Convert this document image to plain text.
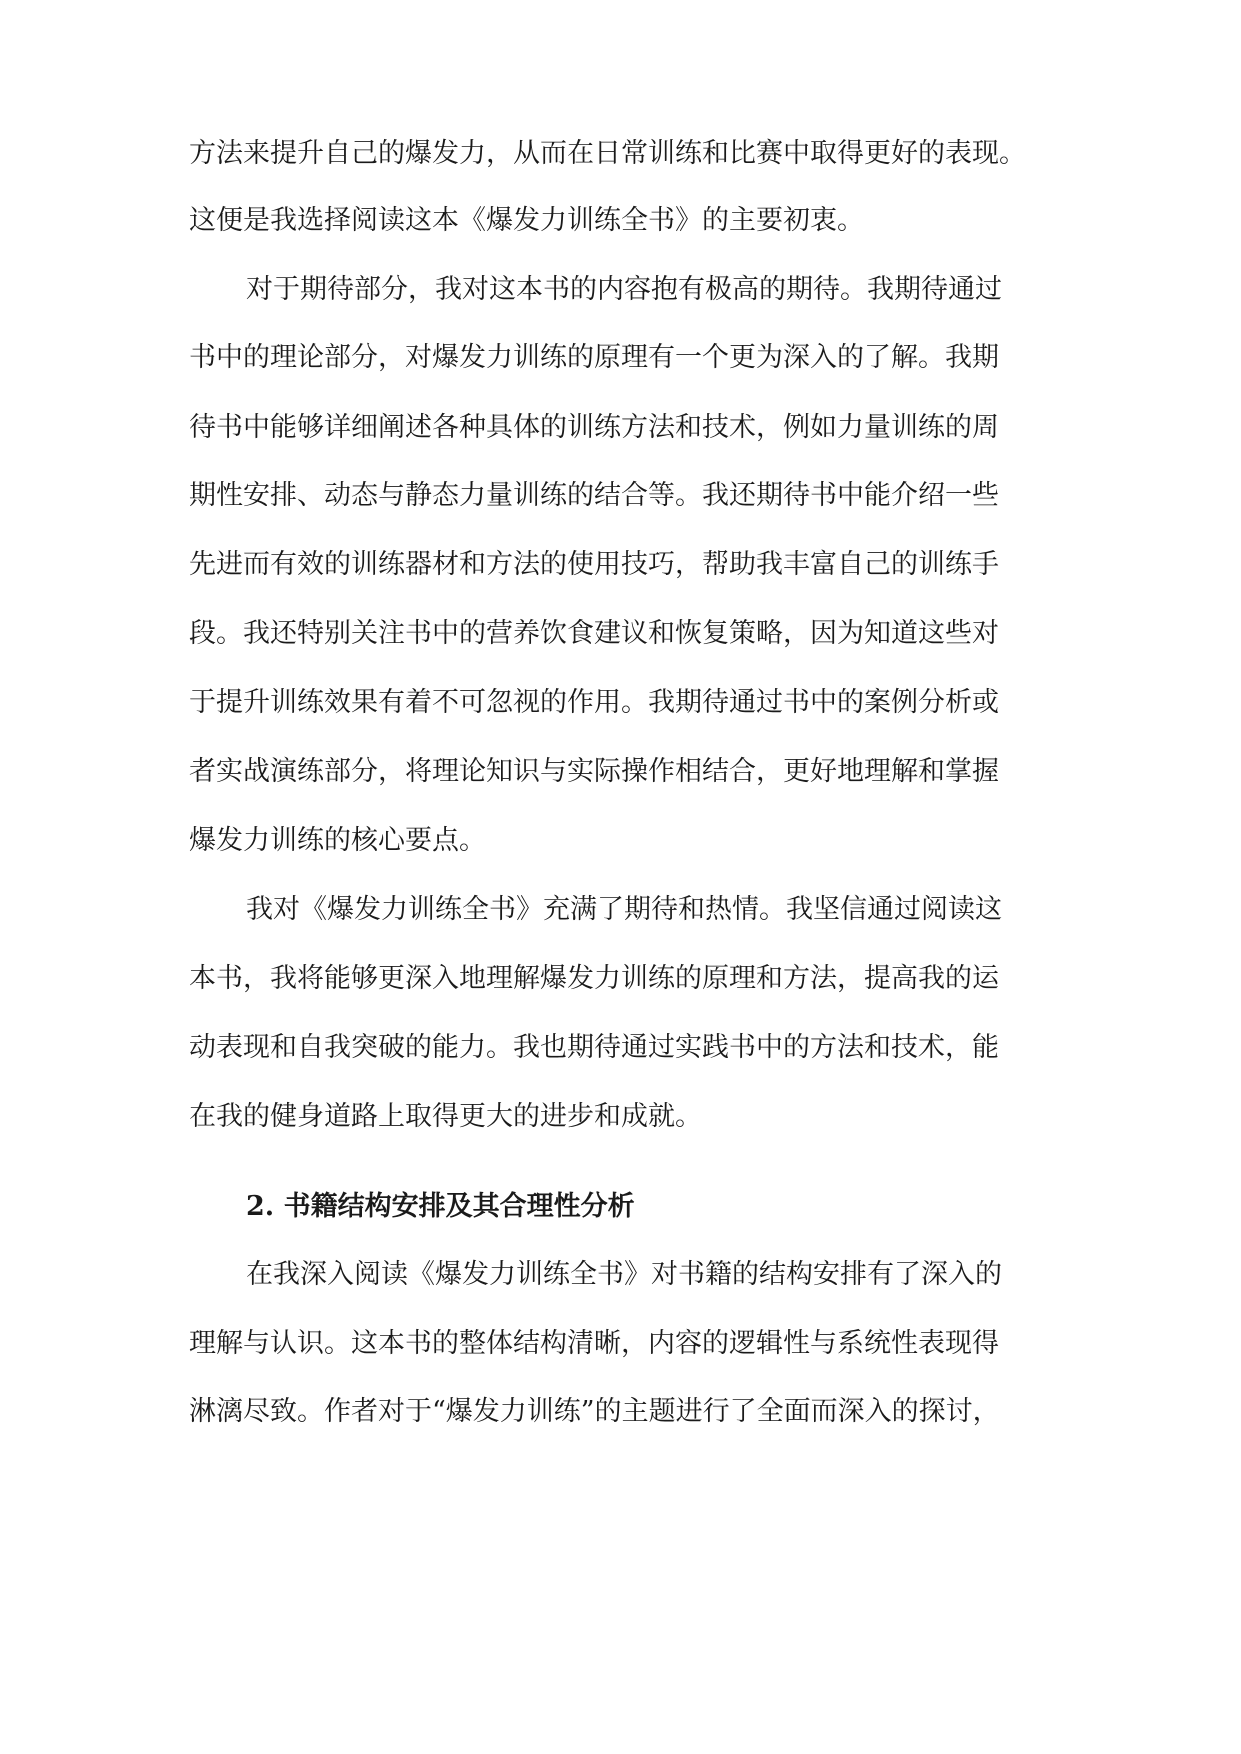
方法来提升自己的爆发力，从而在日常训练和比赛中取得更好的表现。
这便是我选择阅读这本《爆发力训练全书》的主要初衷。
对于期待部分，我对这本书的内容抱有极高的期待。我期待通过
书中的理论部分，对爆发力训练的原理有一个更为深入的了解。我期
待书中能够详细阐述各种具体的训练方法和技术，例如力量训练的周
期性安排、动态与静态力量训练的结合等。我还期待书中能介绍一些
先进而有效的训练器材和方法的使用技巧，帮助我丰富自己的训练手
段。我还特别关注书中的营养饮食建议和恢复策略，因为知道这些对
于提升训练效果有着不可忽视的作用。我期待通过书中的案例分析或
者实战演练部分，将理论知识与实际操作相结合，更好地理解和掌握
爆发力训练的核心要点。
我对《爆发力训练全书》充满了期待和热情。我坚信通过阅读这
本书，我将能够更深入地理解爆发力训练的原理和方法，提高我的运
动表现和自我突破的能力。我也期待通过实践书中的方法和技术，能
在我的健身道路上取得更大的进步和成就。
2. 书籍结构安排及其合理性分析
在我深入阅读《爆发力训练全书》对书籍的结构安排有了深入的
理解与认识。这本书的整体结构清晰，内容的逻辑性与系统性表现得
淋漓尽致。作者对于“爆发力训练”的主题进行了全面而深入的探讨，
